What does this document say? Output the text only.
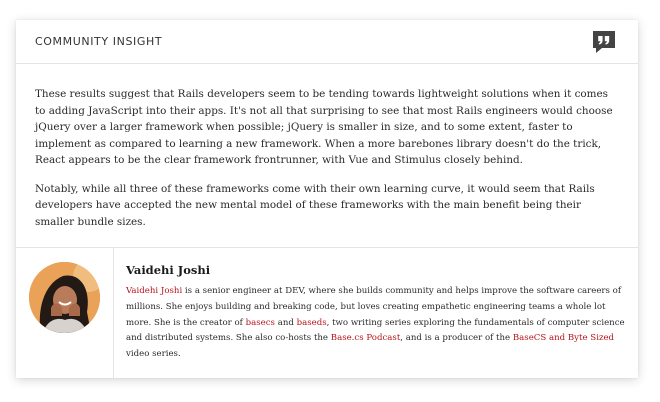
COMMUNITY INSIGHT

These results suggest that Rails developers seem to be tending towards lightweight solutions when it comes to adding JavaScript into their apps. It's not all that surprising to see that most Rails engineers would choose jQuery over a larger framework when possible; jQuery is smaller in size, and to some extent, faster to implement as compared to learning a new framework. When a more barebones library doesn't do the trick, React appears to be the clear framework frontrunner, with Vue and Stimulus closely behind.

Notably, while all three of these frameworks come with their own learning curve, it would seem that Rails developers have accepted the new mental model of these frameworks with the main benefit being their smaller bundle sizes.

Vaidehi Joshi

Vaidehi Joshi is a senior engineer at DEV, where she builds community and helps improve the software careers of millions. She enjoys building and breaking code, but loves creating empathetic engineering teams a whole lot more. She is the creator of basecs and baseds, two writing series exploring the fundamentals of computer science and distributed systems. She also co-hosts the Base.cs Podcast, and is a producer of the BaseCS and Byte Sized video series.
